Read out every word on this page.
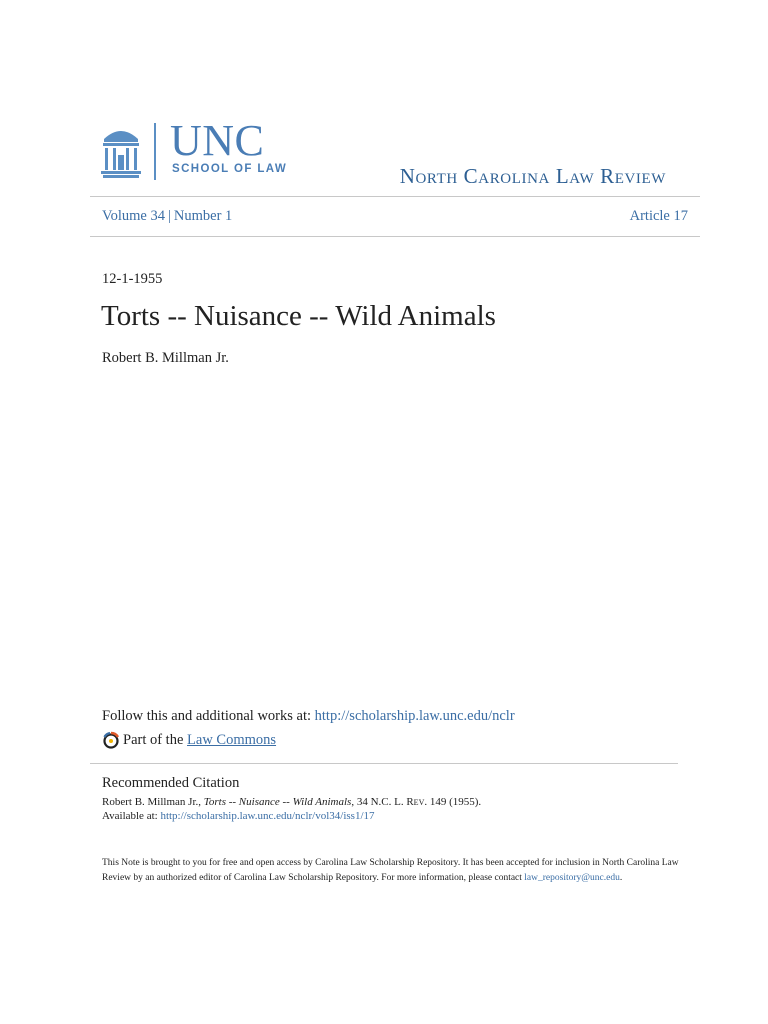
UNC
SCHOOL OF LAW	North Carolina Law Review
Volume 34 | Number 1	Article 17
12-1-1955
Torts -- Nuisance -- Wild Animals
Robert B. Millman Jr.
Follow this and additional works at: http://scholarship.law.unc.edu/nclr
Part of the
Law Commons
Recommended Citation
Robert B. Millman Jr., Torts -- Nuisance -- Wild Animals, 34 N.C. L. Rev. 149 (1955).
Available at: http://scholarship.law.unc.edu/nclr/vol34/iss1/17
This Note is brought to you for free and open access by Carolina Law Scholarship Repository. It has been accepted for inclusion in North Carolina Law Review by an authorized editor of Carolina Law Scholarship Repository. For more information, please contact law_repository@unc.edu.
